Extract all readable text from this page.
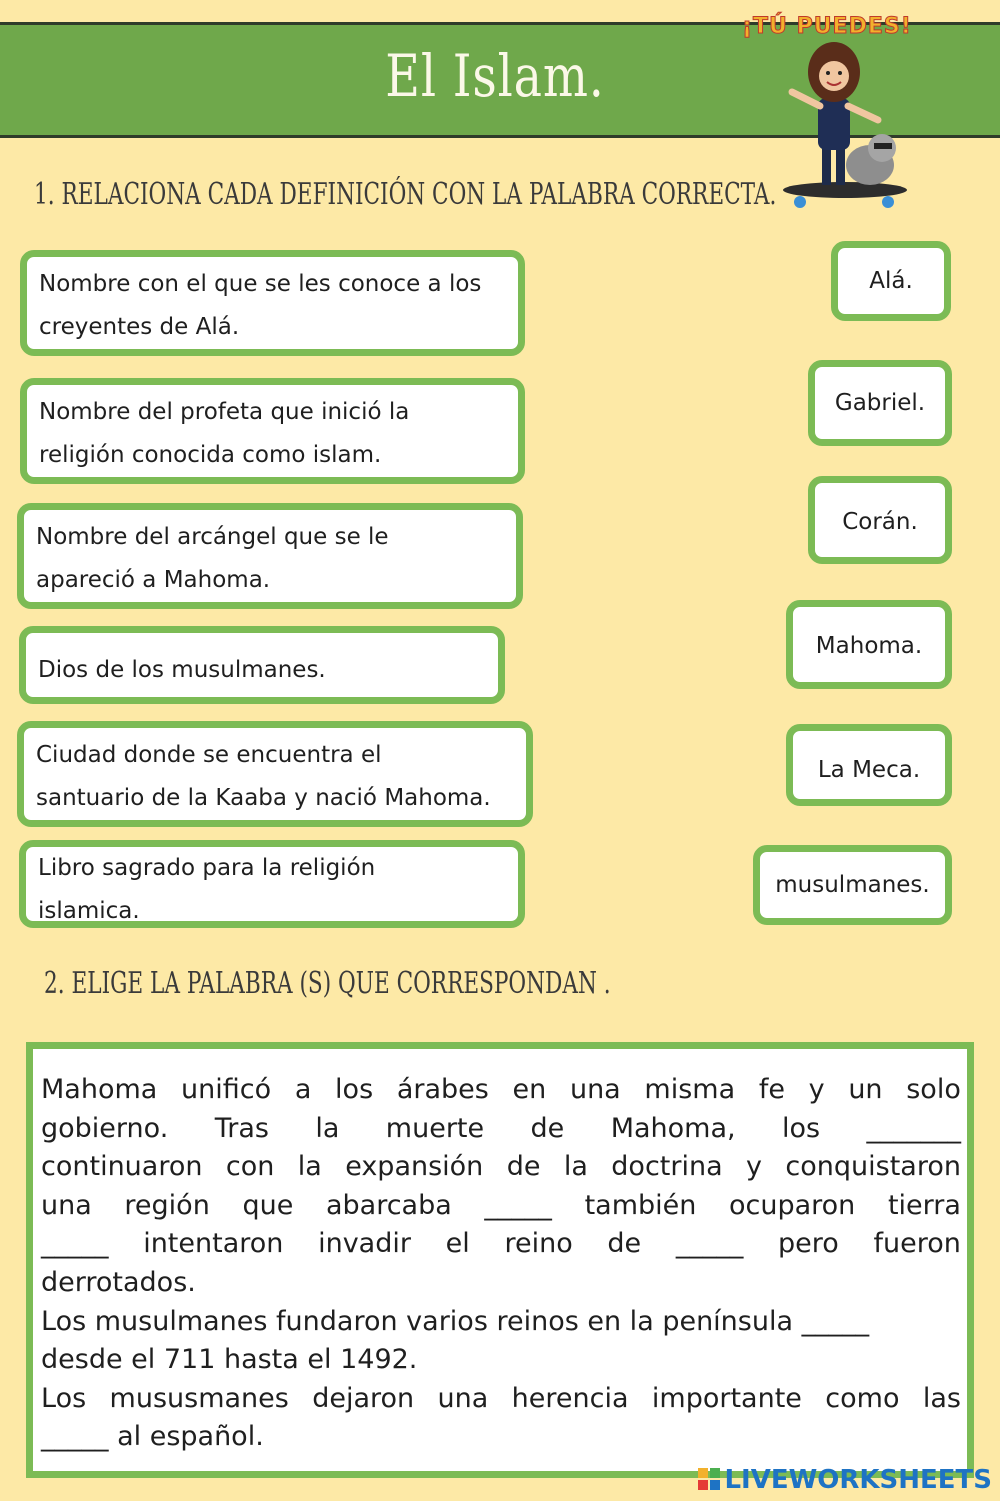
El Islam.
¡TÚ PUEDES!
1. RELACIONA CADA DEFINICIÓN CON LA PALABRA CORRECTA.
Nombre con el que se les conoce a los
creyentes de Alá.
Nombre del profeta que inició la
religión conocida como islam.
Nombre del arcángel que se le
apareció a Mahoma.
Dios de los musulmanes.
Ciudad donde se encuentra el
santuario de la Kaaba y nació Mahoma.
Libro sagrado para la religión
islamica.
Alá.
Gabriel.
Corán.
Mahoma.
La Meca.
musulmanes.
2. ELIGE LA PALABRA (S) QUE CORRESPONDAN .
Mahoma unificó a los árabes en una misma fe y un solo
gobierno. Tras la muerte de Mahoma, los _______
continuaron con la expansión de la doctrina y conquistaron
una región que abarcaba _____ también ocuparon tierra
_____ intentaron invadir el reino de _____ pero fueron
derrotados.
Los musulmanes fundaron varios reinos en la península _____
desde el 711 hasta el 1492.
Los mususmanes dejaron una herencia importante como las
_____ al español.
LIVEWORKSHEETS
